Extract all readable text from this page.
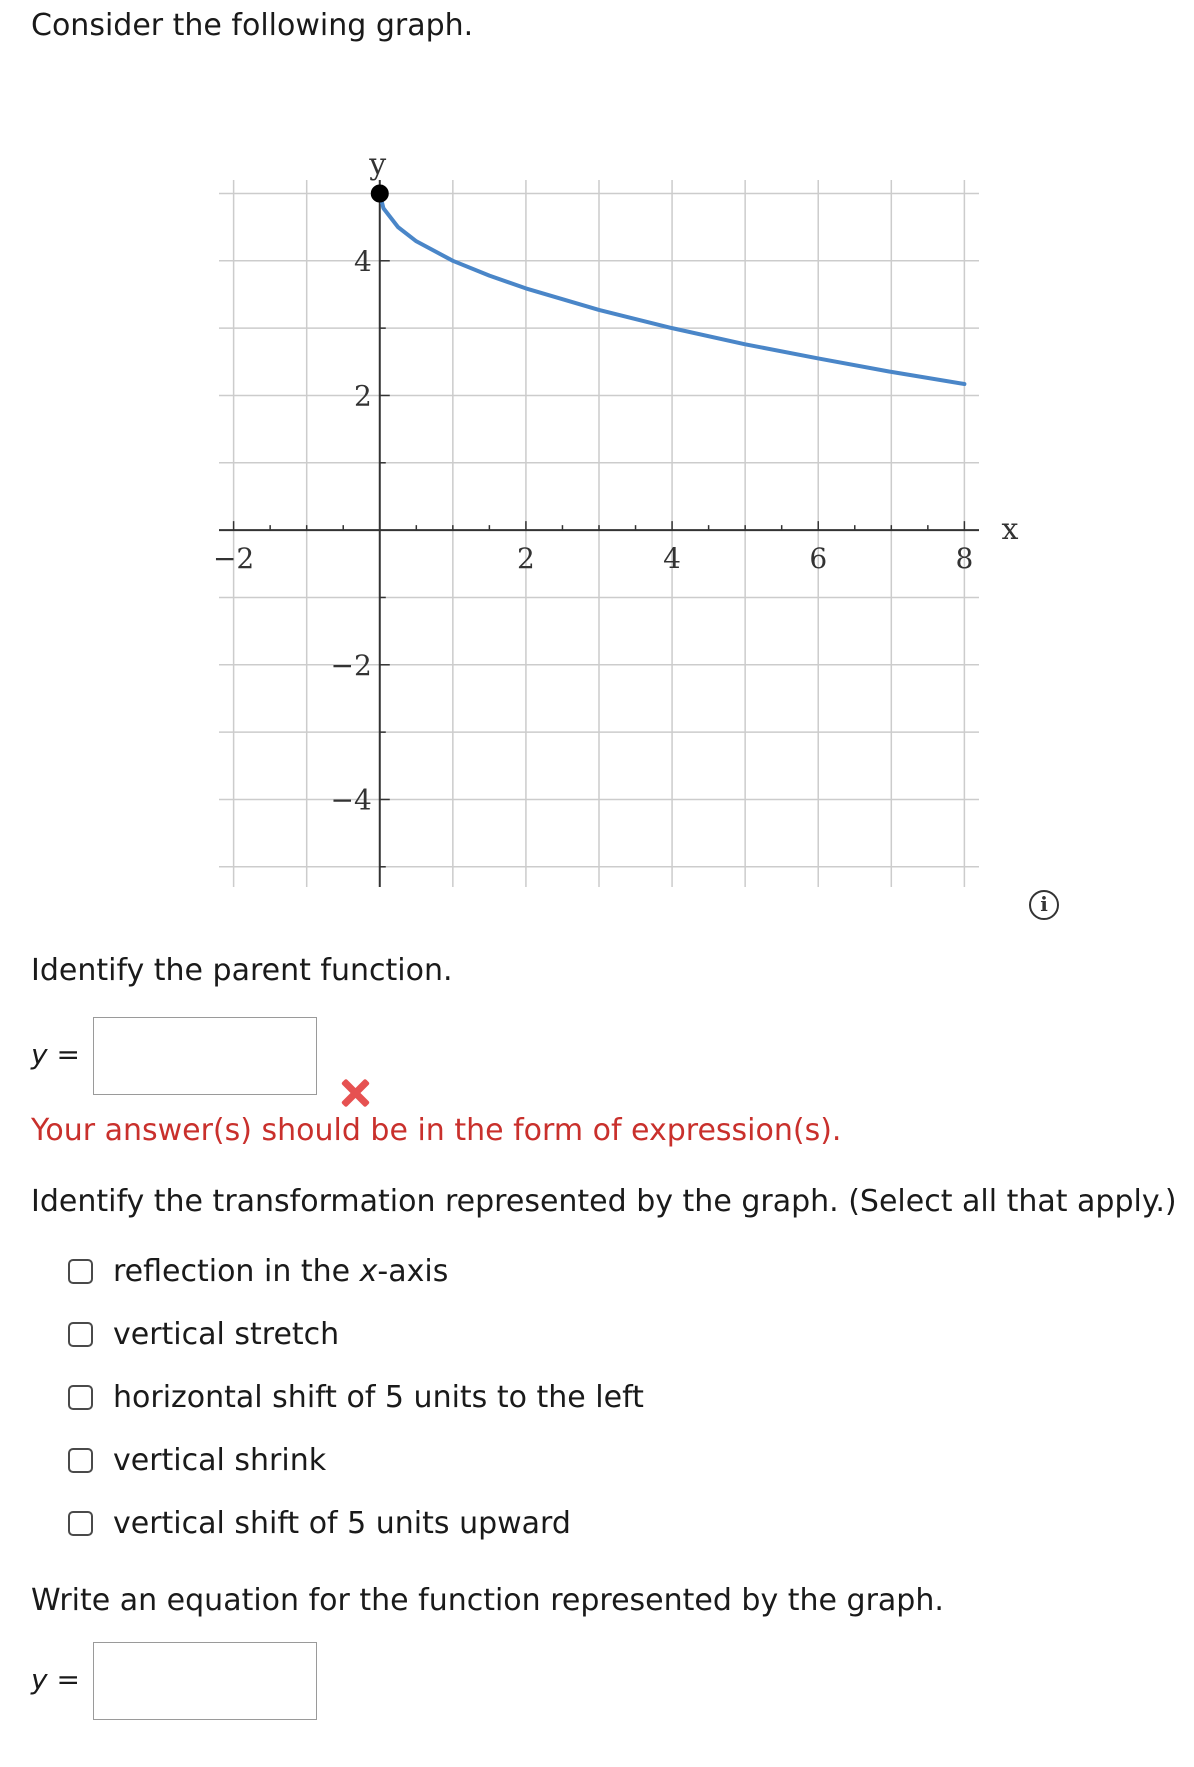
Consider the following graph.
−2	2	4	6	8
−4
−2
2
4
x
y
i
Identify the parent function.
y =
Your answer(s) should be in the form of expression(s).
Identify the transformation represented by the graph. (Select all that apply.)
reflection in the x-axis
vertical stretch
horizontal shift of 5 units to the left
vertical shrink
vertical shift of 5 units upward
Write an equation for the function represented by the graph.
y =
